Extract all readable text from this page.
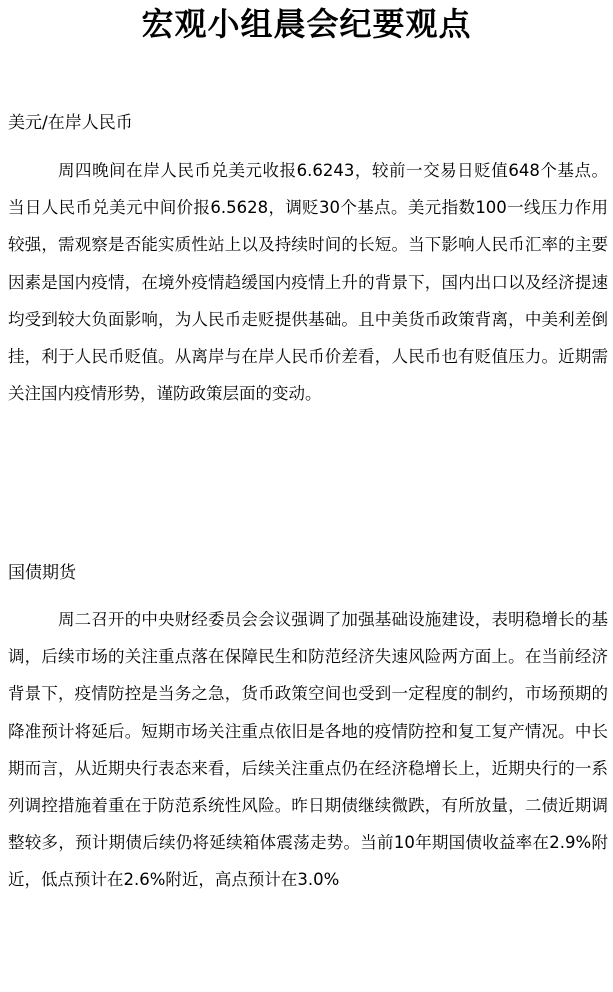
宏观小组晨会纪要观点
美元/在岸人民币

周四晚间在岸人民币兑美元收报6.6243，较前一交易日贬值648个基点。当日人民币兑美元中间价报6.5628，调贬30个基点。美元指数100一线压力作用较强，需观察是否能实质性站上以及持续时间的长短。当下影响人民币汇率的主要因素是国内疫情，在境外疫情趋缓国内疫情上升的背景下，国内出口以及经济提速均受到较大负面影响，为人民币走贬提供基础。且中美货币政策背离，中美利差倒挂，利于人民币贬值。从离岸与在岸人民币价差看，人民币也有贬值压力。近期需关注国内疫情形势，谨防政策层面的变动。

国债期货

周二召开的中央财经委员会会议强调了加强基础设施建设，表明稳增长的基调，后续市场的关注重点落在保障民生和防范经济失速风险两方面上。在当前经济背景下，疫情防控是当务之急，货币政策空间也受到一定程度的制约，市场预期的降准预计将延后。短期市场关注重点依旧是各地的疫情防控和复工复产情况。中长期而言，从近期央行表态来看，后续关注重点仍在经济稳增长上，近期央行的一系列调控措施着重在于防范系统性风险。昨日期债继续微跌，有所放量，二债近期调整较多，预计期债后续仍将延续箱体震荡走势。当前10年期国债收益率在2.9%附近，低点预计在2.6%附近，高点预计在3.0%
